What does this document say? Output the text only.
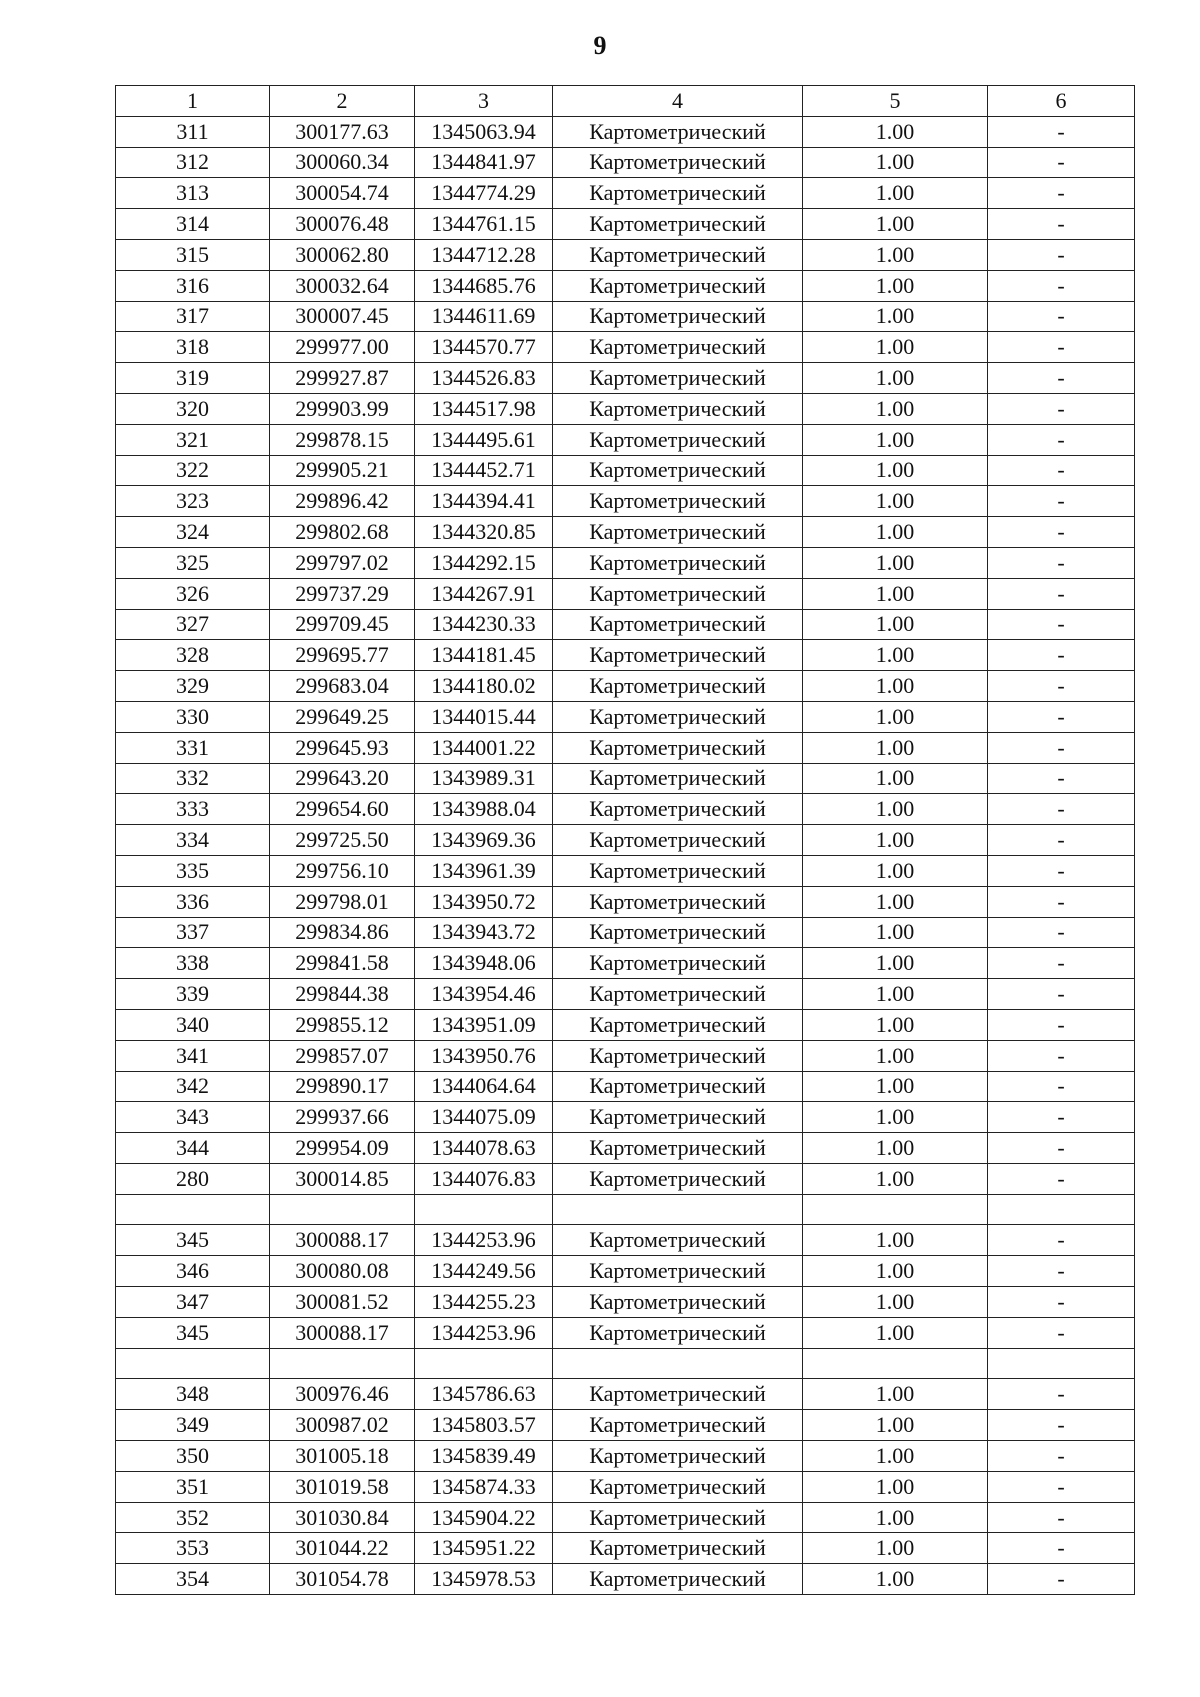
9
1	2	3	4	5	6
311	300177.63	1345063.94	Картометрический	1.00	-
312	300060.34	1344841.97	Картометрический	1.00	-
313	300054.74	1344774.29	Картометрический	1.00	-
314	300076.48	1344761.15	Картометрический	1.00	-
315	300062.80	1344712.28	Картометрический	1.00	-
316	300032.64	1344685.76	Картометрический	1.00	-
317	300007.45	1344611.69	Картометрический	1.00	-
318	299977.00	1344570.77	Картометрический	1.00	-
319	299927.87	1344526.83	Картометрический	1.00	-
320	299903.99	1344517.98	Картометрический	1.00	-
321	299878.15	1344495.61	Картометрический	1.00	-
322	299905.21	1344452.71	Картометрический	1.00	-
323	299896.42	1344394.41	Картометрический	1.00	-
324	299802.68	1344320.85	Картометрический	1.00	-
325	299797.02	1344292.15	Картометрический	1.00	-
326	299737.29	1344267.91	Картометрический	1.00	-
327	299709.45	1344230.33	Картометрический	1.00	-
328	299695.77	1344181.45	Картометрический	1.00	-
329	299683.04	1344180.02	Картометрический	1.00	-
330	299649.25	1344015.44	Картометрический	1.00	-
331	299645.93	1344001.22	Картометрический	1.00	-
332	299643.20	1343989.31	Картометрический	1.00	-
333	299654.60	1343988.04	Картометрический	1.00	-
334	299725.50	1343969.36	Картометрический	1.00	-
335	299756.10	1343961.39	Картометрический	1.00	-
336	299798.01	1343950.72	Картометрический	1.00	-
337	299834.86	1343943.72	Картометрический	1.00	-
338	299841.58	1343948.06	Картометрический	1.00	-
339	299844.38	1343954.46	Картометрический	1.00	-
340	299855.12	1343951.09	Картометрический	1.00	-
341	299857.07	1343950.76	Картометрический	1.00	-
342	299890.17	1344064.64	Картометрический	1.00	-
343	299937.66	1344075.09	Картометрический	1.00	-
344	299954.09	1344078.63	Картометрический	1.00	-
280	300014.85	1344076.83	Картометрический	1.00	-

345	300088.17	1344253.96	Картометрический	1.00	-
346	300080.08	1344249.56	Картометрический	1.00	-
347	300081.52	1344255.23	Картометрический	1.00	-
345	300088.17	1344253.96	Картометрический	1.00	-

348	300976.46	1345786.63	Картометрический	1.00	-
349	300987.02	1345803.57	Картометрический	1.00	-
350	301005.18	1345839.49	Картометрический	1.00	-
351	301019.58	1345874.33	Картометрический	1.00	-
352	301030.84	1345904.22	Картометрический	1.00	-
353	301044.22	1345951.22	Картометрический	1.00	-
354	301054.78	1345978.53	Картометрический	1.00	-
